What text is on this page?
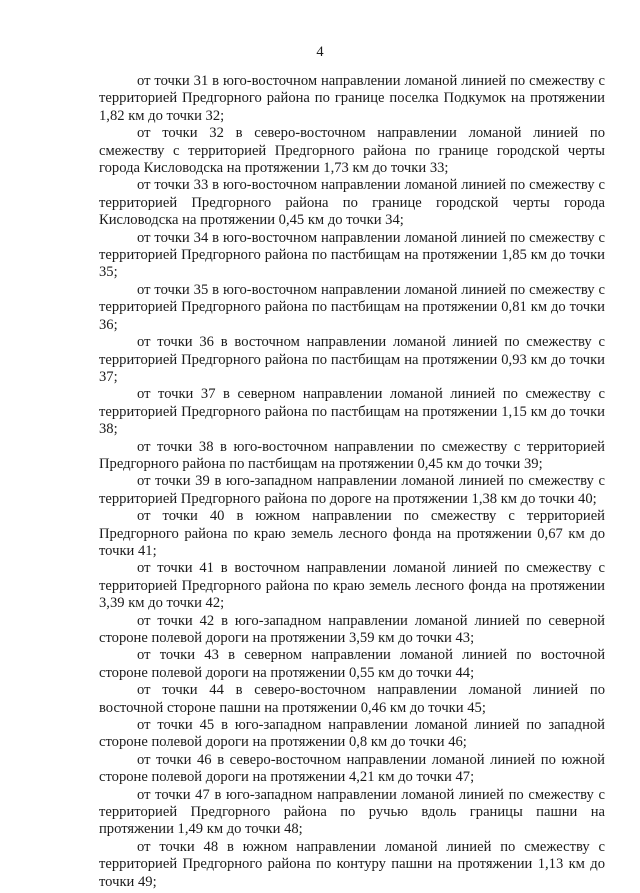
4

от точки 31 в юго-восточном направлении ломаной линией по смежеству с территорией Предгорного района по границе поселка Подкумок на протяжении 1,82 км до точки 32;

от точки 32 в северо-восточном направлении ломаной линией по смежеству с территорией Предгорного района по границе городской черты города Кисловодска на протяжении 1,73 км до точки 33;

от точки 33 в юго-восточном направлении ломаной линией по смежеству с территорией Предгорного района по границе городской черты города Кисловодска на протяжении 0,45 км до точки 34;

от точки 34 в юго-восточном направлении ломаной линией по смежеству с территорией Предгорного района по пастбищам на протяжении 1,85 км до точки 35;

от точки 35 в юго-восточном направлении ломаной линией по смежеству с территорией Предгорного района по пастбищам на протяжении 0,81 км до точки 36;

от точки 36 в восточном направлении ломаной линией по смежеству с территорией Предгорного района по пастбищам на протяжении 0,93 км до точки 37;

от точки 37 в северном направлении ломаной линией по смежеству с территорией Предгорного района по пастбищам на протяжении 1,15 км до точки 38;

от точки 38 в юго-восточном направлении по смежеству с территорией Предгорного района по пастбищам на протяжении 0,45 км до точки 39;

от точки 39 в юго-западном направлении ломаной линией по смежеству с территорией Предгорного района по дороге на протяжении 1,38 км до точки 40;

от точки 40 в южном направлении по смежеству с территорией Предгорного района по краю земель лесного фонда на протяжении 0,67 км до точки 41;

от точки 41 в восточном направлении ломаной линией по смежеству с территорией Предгорного района по краю земель лесного фонда на протяжении 3,39 км до точки 42;

от точки 42 в юго-западном направлении ломаной линией по северной стороне полевой дороги на протяжении 3,59 км до точки 43;

от точки 43 в северном направлении ломаной линией по восточной стороне полевой дороги на протяжении 0,55 км до точки 44;

от точки 44 в северо-восточном направлении ломаной линией по восточной стороне пашни на протяжении 0,46 км до точки 45;

от точки 45 в юго-западном направлении ломаной линией по западной стороне полевой дороги на протяжении 0,8 км до точки 46;

от точки 46 в северо-восточном направлении ломаной линией по южной стороне полевой дороги на протяжении 4,21 км до точки 47;

от точки 47 в юго-западном направлении ломаной линией по смежеству с территорией Предгорного района по ручью вдоль границы пашни на протяжении 1,49 км до точки 48;

от точки 48 в южном направлении ломаной линией по смежеству с территорией Предгорного района по контуру пашни на протяжении 1,13 км до точки 49;
